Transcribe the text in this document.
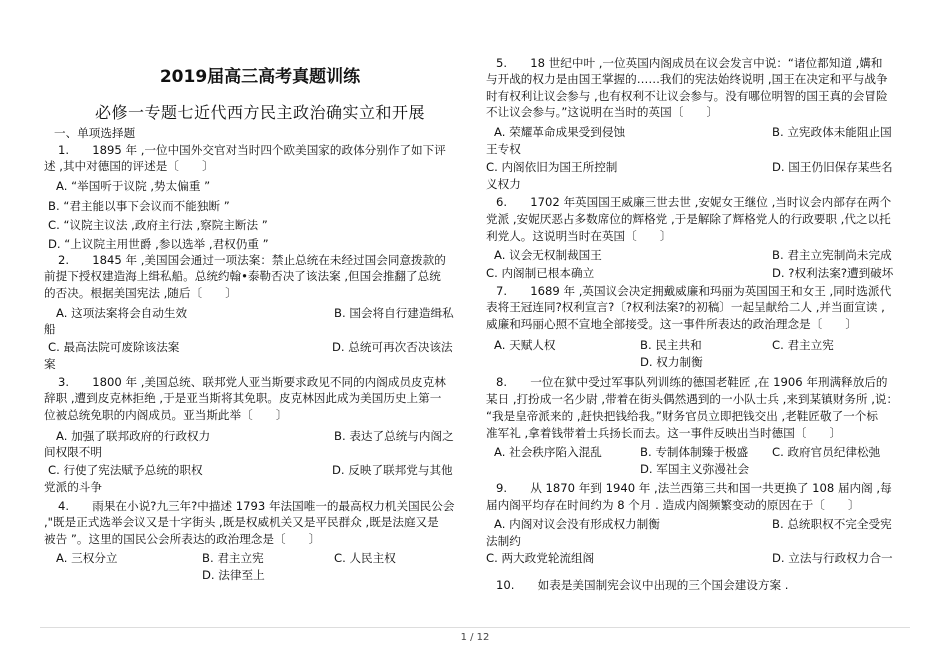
2019届高三高考真题训练
必修一专题七近代西方民主政治确实立和开展
一、单项选择题
1.　　1895 年 ,一位中国外交官对当时四个欧美国家的政体分别作了如下评
述 ,其中对德国的评述是〔　　〕
A. “举国听于议院 ,势太偏重 ”
B. “君主能以事下会议而不能独断 ”
C. “议院主议法 ,政府主行法 ,察院主断法 ”
D. “上议院主用世爵 ,参以选举 ,君权仍重 ”
2.　　1845 年 ,美国国会通过一项法案：禁止总统在未经过国会同意拨款的
前提下授权建造海上缉私船。总统约翰•泰勒否决了该法案 ,但国会推翻了总统
的否决。根据美国宪法 ,随后〔　　〕
A. 这项法案将会自动生效	B. 国会将自行建造缉私
船
C. 最高法院可废除该法案	D. 总统可再次否决该法
案
3.　　1800 年 ,美国总统、联邦党人亚当斯要求政见不同的内阁成员皮克林
辞职 ,遭到皮克林拒绝 ,于是亚当斯将其免职。皮克林因此成为美国历史上第一
位被总统免职的内阁成员。亚当斯此举〔　　〕
A. 加强了联邦政府的行政权力	B. 表达了总统与内阁之
间权限不明
C. 行使了宪法赋予总统的职权	D. 反映了联邦党与其他
党派的斗争
4.　　雨果在小说?九三年?中描述 1793 年法国唯一的最高权力机关国民公会
,"既是正式选举会议又是十字街头 ,既是权威机关又是平民群众 ,既是法庭又是
被告 ”。这里的国民公会所表达的政治理念是〔　　〕
A. 三权分立	B. 君主立宪	C. 人民主权
D. 法律至上
5.　　18 世纪中叶 ,一位英国内阁成员在议会发言中说：“诸位都知道 ,媾和
与开战的权力是由国王掌握的……我们的宪法始终说明 ,国王在决定和平与战争
时有权利让议会参与 ,也有权利不让议会参与。没有哪位明智的国王真的会冒险
不让议会参与。”这说明在当时的英国〔　　〕
A. 荣耀革命成果受到侵蚀	B. 立宪政体未能阻止国
王专权
C. 内阁依旧为国王所控制	D. 国王仍旧保存某些名
义权力
6.　　1702 年英国国王威廉三世去世 ,安妮女王继位 ,当时议会内部存在两个
党派 ,安妮厌恶占多数席位的辉格党 ,于是解除了辉格党人的行政要职 ,代之以托
利党人。这说明当时在英国〔　　〕
A. 议会无权制裁国王	B. 君主立宪制尚未完成
C. 内阁制已根本确立	D. ?权利法案?遭到破坏
7.　　1689 年 ,英国议会决定拥戴威廉和玛丽为英国国王和女王 ,同时选派代
表将王冠连同?权利宣言?〔?权利法案?的初稿〕一起呈献给二人 ,并当面宣读 ,
威廉和玛丽心照不宣地全部接受。这一事件所表达的政治理念是〔　　〕
A. 天赋人权	B. 民主共和	C. 君主立宪
D. 权力制衡
8.　　一位在狱中受过军事队列训练的德国老鞋匠 ,在 1906 年刑满释放后的
某日 ,打扮成一名少尉 ,带着在街头偶然遇到的一小队士兵 ,来到某镇财务所 ,说：
“我是皇帝派来的 ,赶快把钱给我。”财务官员立即把钱交出 ,老鞋匠敬了一个标
准军礼 ,拿着钱带着士兵扬长而去。这一事件反映出当时德国〔　　〕
A. 社会秩序陷入混乱	B. 专制体制臻于极盛 C. 政府官员纪律松弛
D. 军国主义弥漫社会
9.　　从 1870 年到 1940 年 ,法兰西第三共和国一共更换了 108 届内阁 ,每
届内阁平均存在时间约为 8 个月 . 造成内阁频繁变动的原因在于〔　　〕
A. 内阁对议会没有形成权力制衡	B. 总统职权不完全受宪
法制约
C. 两大政党轮流组阁	D. 立法与行政权力合一
10.　　如表是美国制宪会议中出现的三个国会建设方案 .
1 / 12
